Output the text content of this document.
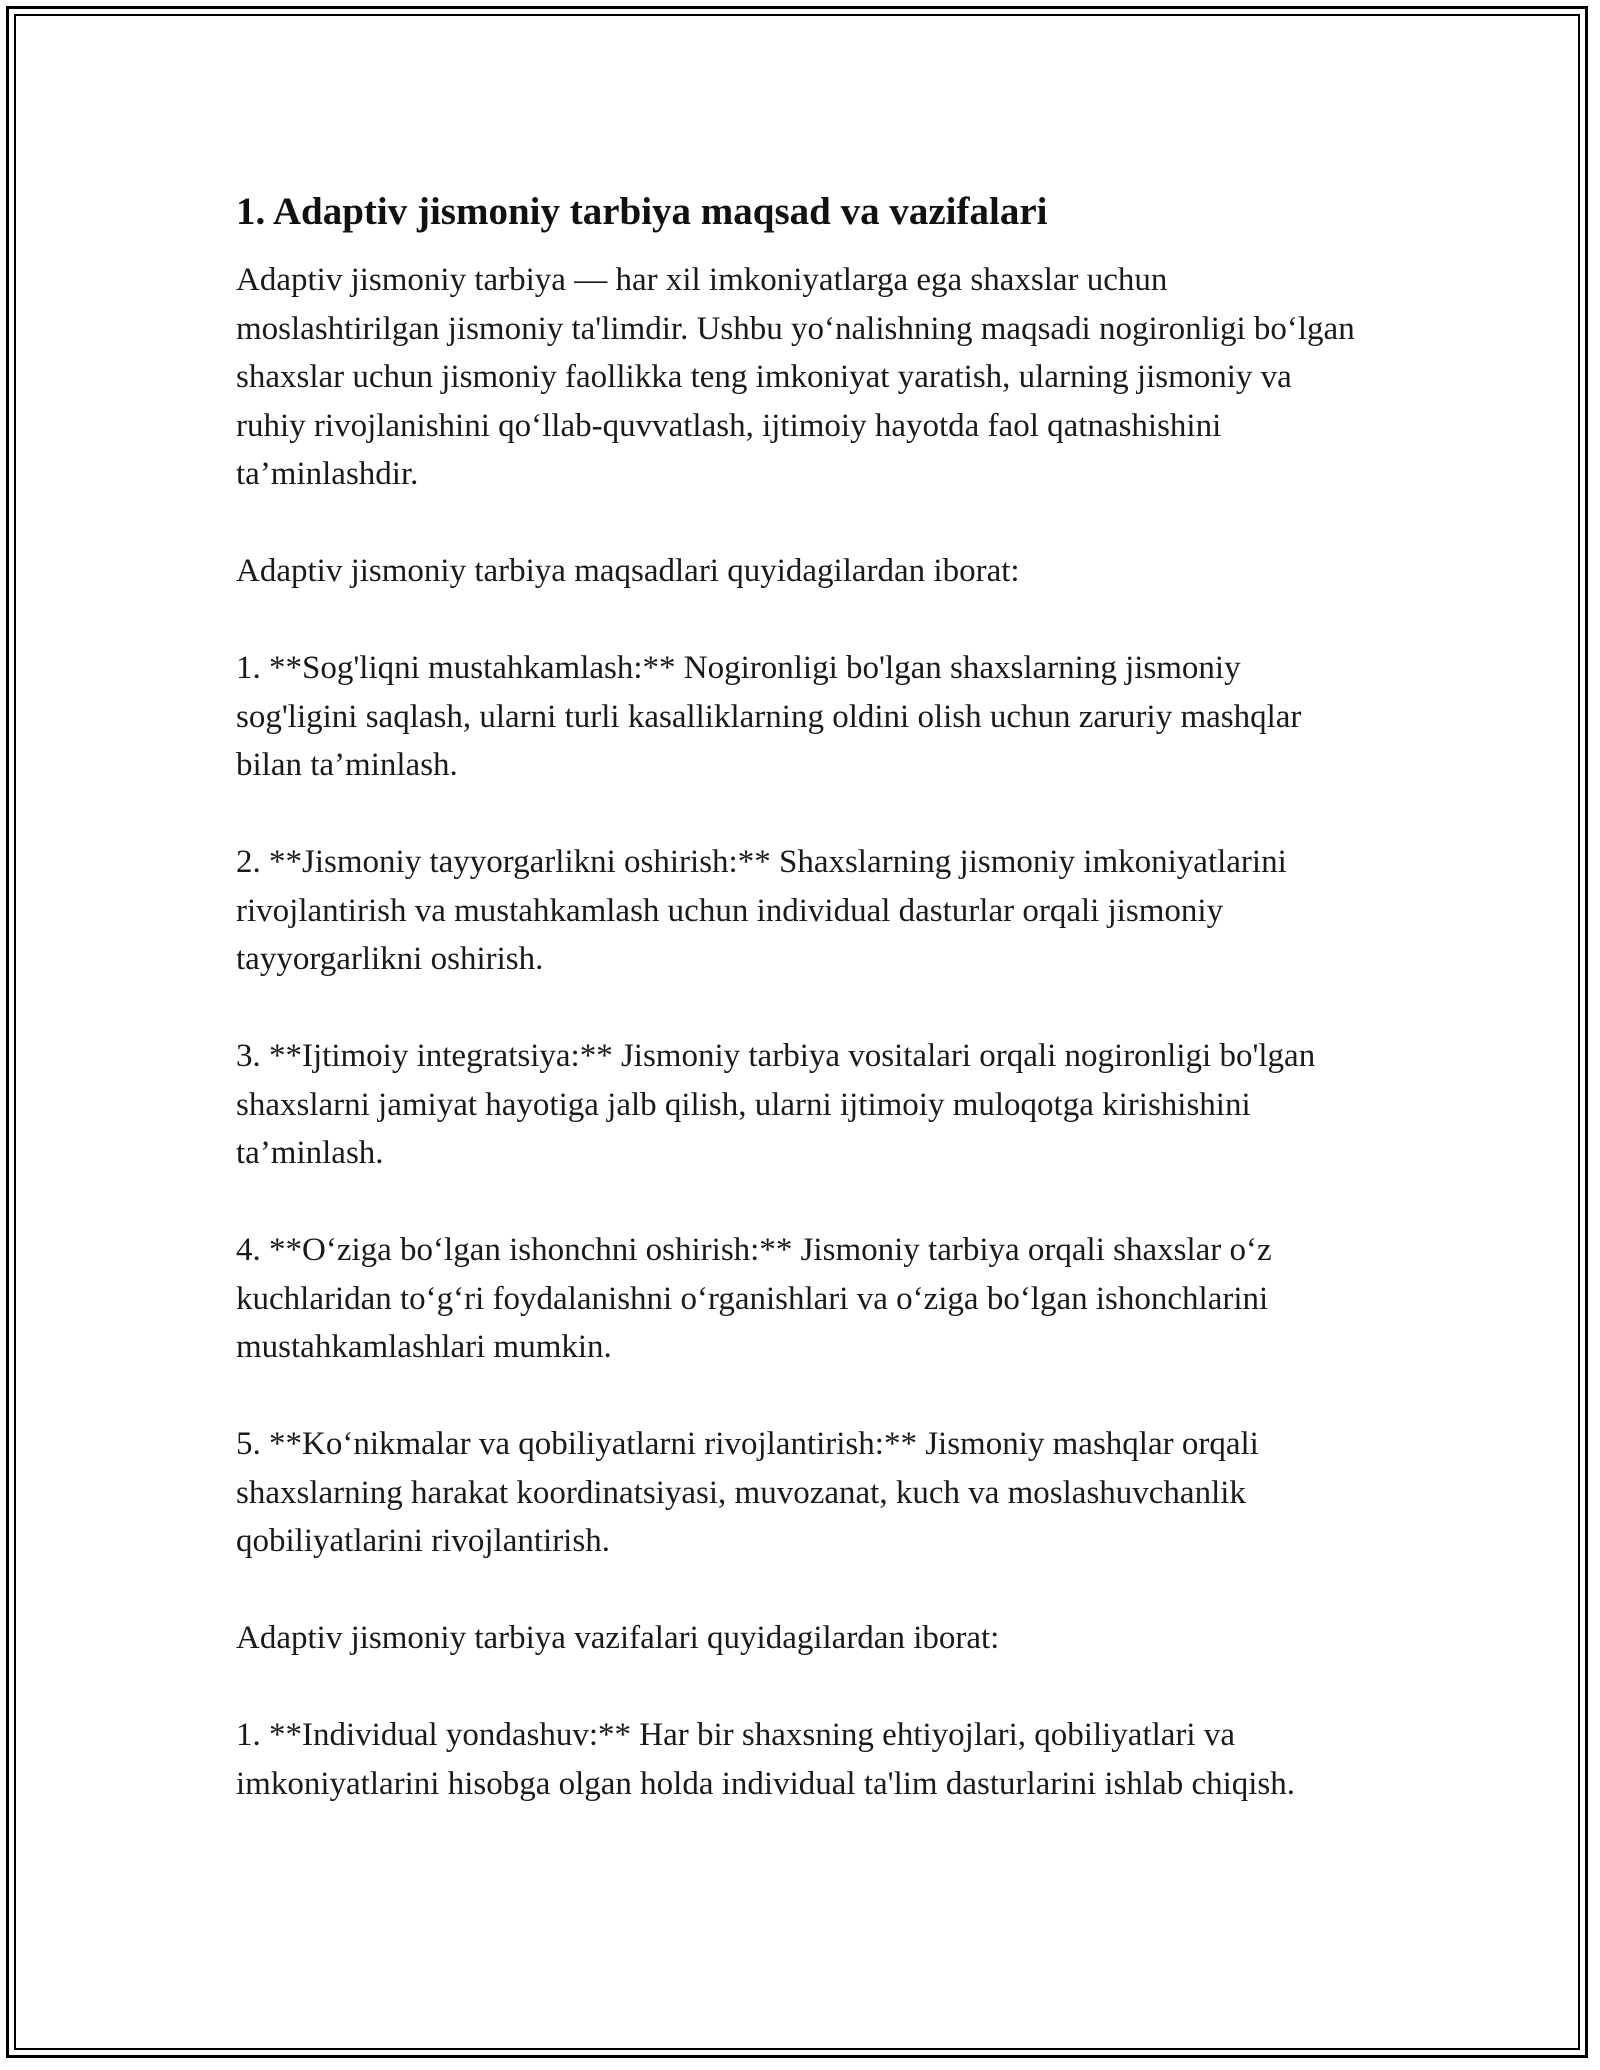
1. Adaptiv jismoniy tarbiya maqsad va vazifalari

Adaptiv jismoniy tarbiya — har xil imkoniyatlarga ega shaxslar uchun moslashtirilgan jismoniy ta'limdir. Ushbu yo‘nalishning maqsadi nogironligi bo‘lgan shaxslar uchun jismoniy faollikka teng imkoniyat yaratish, ularning jismoniy va ruhiy rivojlanishini qo‘llab-quvvatlash, ijtimoiy hayotda faol qatnashishini ta’minlashdir.

Adaptiv jismoniy tarbiya maqsadlari quyidagilardan iborat:

1. **Sog'liqni mustahkamlash:** Nogironligi bo'lgan shaxslarning jismoniy sog'ligini saqlash, ularni turli kasalliklarning oldini olish uchun zaruriy mashqlar bilan ta’minlash.

2. **Jismoniy tayyorgarlikni oshirish:** Shaxslarning jismoniy imkoniyatlarini rivojlantirish va mustahkamlash uchun individual dasturlar orqali jismoniy tayyorgarlikni oshirish.

3. **Ijtimoiy integratsiya:** Jismoniy tarbiya vositalari orqali nogironligi bo'lgan shaxslarni jamiyat hayotiga jalb qilish, ularni ijtimoiy muloqotga kirishishini ta’minlash.

4. **O‘ziga bo‘lgan ishonchni oshirish:** Jismoniy tarbiya orqali shaxslar o‘z kuchlaridan to‘g‘ri foydalanishni o‘rganishlari va o‘ziga bo‘lgan ishonchlarini mustahkamlashlari mumkin.

5. **Ko‘nikmalar va qobiliyatlarni rivojlantirish:** Jismoniy mashqlar orqali shaxslarning harakat koordinatsiyasi, muvozanat, kuch va moslashuvchanlik qobiliyatlarini rivojlantirish.

Adaptiv jismoniy tarbiya vazifalari quyidagilardan iborat:

1. **Individual yondashuv:** Har bir shaxsning ehtiyojlari, qobiliyatlari va imkoniyatlarini hisobga olgan holda individual ta'lim dasturlarini ishlab chiqish.
